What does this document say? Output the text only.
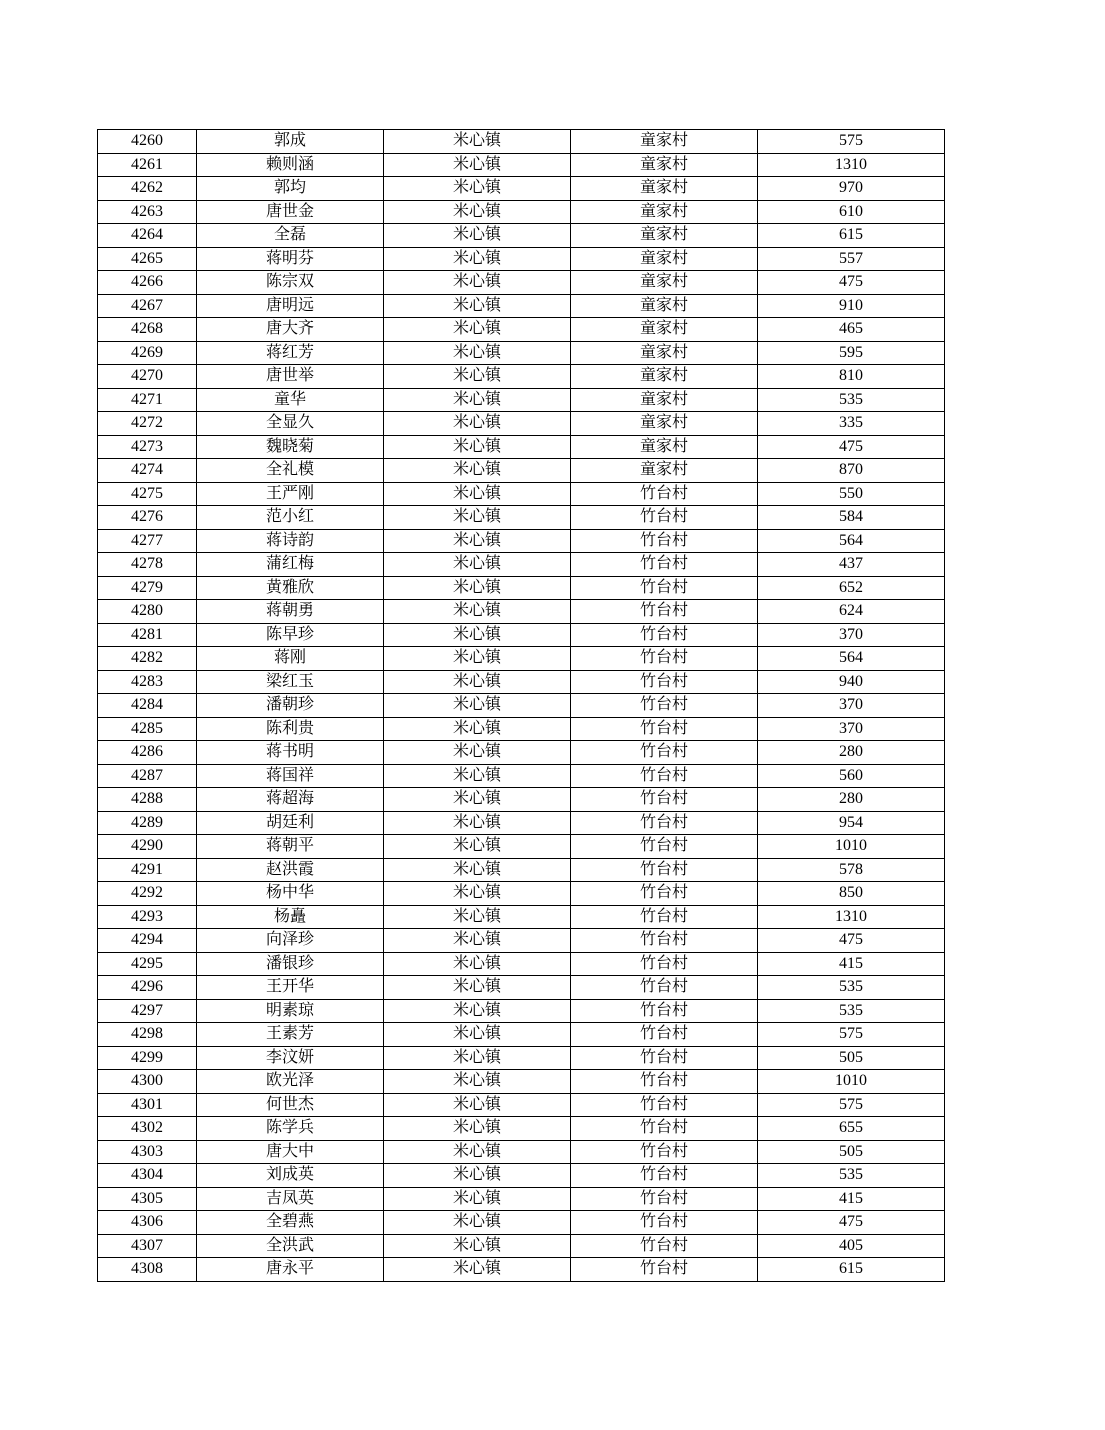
4260	郭成	米心镇	童家村	575
4261	赖则涵	米心镇	童家村	1310
4262	郭均	米心镇	童家村	970
4263	唐世金	米心镇	童家村	610
4264	全磊	米心镇	童家村	615
4265	蒋明芬	米心镇	童家村	557
4266	陈宗双	米心镇	童家村	475
4267	唐明远	米心镇	童家村	910
4268	唐大齐	米心镇	童家村	465
4269	蒋红芳	米心镇	童家村	595
4270	唐世举	米心镇	童家村	810
4271	童华	米心镇	童家村	535
4272	全显久	米心镇	童家村	335
4273	魏晓菊	米心镇	童家村	475
4274	全礼模	米心镇	童家村	870
4275	王严刚	米心镇	竹台村	550
4276	范小红	米心镇	竹台村	584
4277	蒋诗韵	米心镇	竹台村	564
4278	蒲红梅	米心镇	竹台村	437
4279	黄雅欣	米心镇	竹台村	652
4280	蒋朝勇	米心镇	竹台村	624
4281	陈早珍	米心镇	竹台村	370
4282	蒋刚	米心镇	竹台村	564
4283	梁红玉	米心镇	竹台村	940
4284	潘朝珍	米心镇	竹台村	370
4285	陈利贵	米心镇	竹台村	370
4286	蒋书明	米心镇	竹台村	280
4287	蒋国祥	米心镇	竹台村	560
4288	蒋超海	米心镇	竹台村	280
4289	胡廷利	米心镇	竹台村	954
4290	蒋朝平	米心镇	竹台村	1010
4291	赵洪霞	米心镇	竹台村	578
4292	杨中华	米心镇	竹台村	850
4293	杨矗	米心镇	竹台村	1310
4294	向泽珍	米心镇	竹台村	475
4295	潘银珍	米心镇	竹台村	415
4296	王开华	米心镇	竹台村	535
4297	明素琼	米心镇	竹台村	535
4298	王素芳	米心镇	竹台村	575
4299	李汶妍	米心镇	竹台村	505
4300	欧光泽	米心镇	竹台村	1010
4301	何世杰	米心镇	竹台村	575
4302	陈学兵	米心镇	竹台村	655
4303	唐大中	米心镇	竹台村	505
4304	刘成英	米心镇	竹台村	535
4305	吉凤英	米心镇	竹台村	415
4306	全碧燕	米心镇	竹台村	475
4307	全洪武	米心镇	竹台村	405
4308	唐永平	米心镇	竹台村	615
